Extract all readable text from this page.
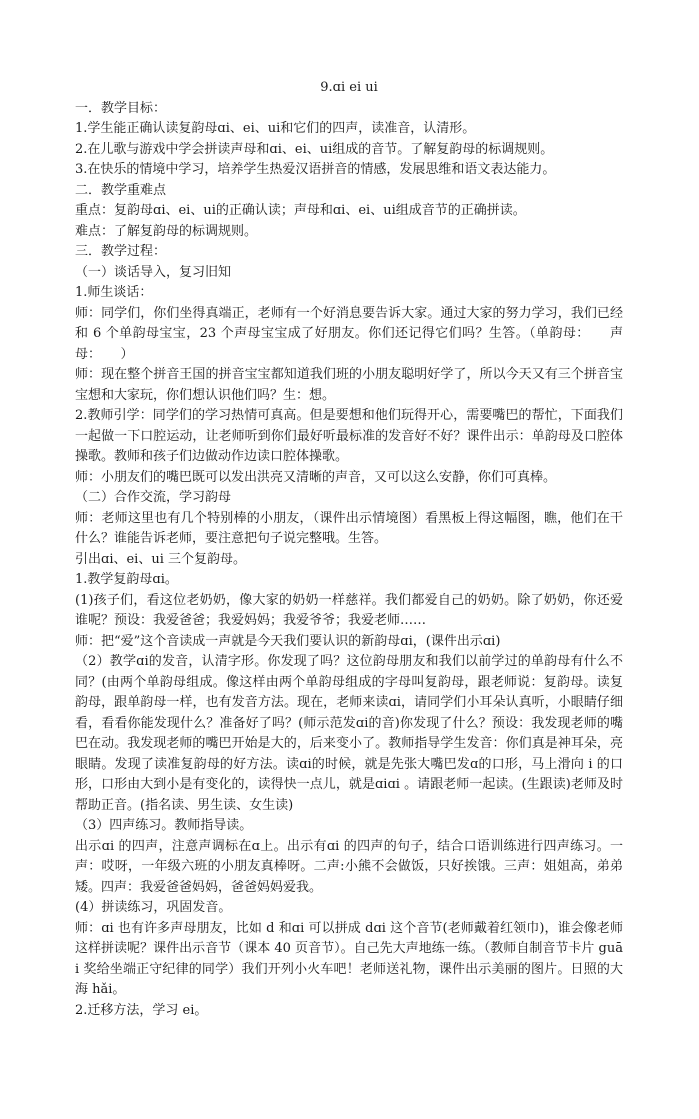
9.ɑi ei ui

一．教学目标：

1.学生能正确认读复韵母ɑi、ei、ui和它们的四声，读准音，认清形。

2.在儿歌与游戏中学会拼读声母和ɑi、ei、ui组成的音节。了解复韵母的标调规则。

3.在快乐的情境中学习，培养学生热爱汉语拼音的情感，发展思维和语文表达能力。

二．教学重难点

重点：复韵母ɑi、ei、ui的正确认读；声母和ɑi、ei、ui组成音节的正确拼读。

难点：了解复韵母的标调规则。

三．教学过程：

（一）谈话导入，复习旧知

1.师生谈话：

师：同学们，你们坐得真端正，老师有一个好消息要告诉大家。通过大家的努力学习，我们已经和 6 个单韵母宝宝，23 个声母宝宝成了好朋友。你们还记得它们吗？生答。（单韵母：　　声母：　　）

师：现在整个拼音王国的拼音宝宝都知道我们班的小朋友聪明好学了，所以今天又有三个拼音宝宝想和大家玩，你们想认识他们吗？生：想。

2.教师引学：同学们的学习热情可真高。但是要想和他们玩得开心，需要嘴巴的帮忙，下面我们一起做一下口腔运动，让老师听到你们最好听最标准的发音好不好？课件出示：单韵母及口腔体操歌。教师和孩子们边做动作边读口腔体操歌。

师：小朋友们的嘴巴既可以发出洪亮又清晰的声音，又可以这么安静，你们可真棒。

（二）合作交流，学习韵母

师：老师这里也有几个特别棒的小朋友，（课件出示情境图）看黑板上得这幅图，瞧，他们在干什么？谁能告诉老师，要注意把句子说完整哦。生答。

引出ɑi、ei、ui 三个复韵母。

1.教学复韵母ɑi。

(1)孩子们，看这位老奶奶，像大家的奶奶一样慈祥。我们都爱自己的奶奶。除了奶奶，你还爱谁呢？预设：我爱爸爸；我爱妈妈；我爱爷爷；我爱老师……

师：把“爱”这个音读成一声就是今天我们要认识的新韵母ɑi，(课件出示ɑi)

（2）教学ɑi的发音，认清字形。你发现了吗？这位韵母朋友和我们以前学过的单韵母有什么不同？(由两个单韵母组成。像这样由两个单韵母组成的字母叫复韵母，跟老师说：复韵母。读复韵母，跟单韵母一样，也有发音方法。现在，老师来读ɑi，请同学们小耳朵认真听，小眼睛仔细看，看看你能发现什么？准备好了吗？(师示范发ɑi的音)你发现了什么？预设：我发现老师的嘴巴在动。我发现老师的嘴巴开始是大的，后来变小了。教师指导学生发音：你们真是神耳朵，亮眼睛。发现了读准复韵母的好方法。读ɑi的时候，就是先张大嘴巴发ɑ的口形，马上滑向 i 的口形，口形由大到小是有变化的，读得快一点儿，就是ɑiɑi 。请跟老师一起读。(生跟读)老师及时帮助正音。(指名读、男生读、女生读)

（3）四声练习。教师指导读。

出示ɑi 的四声，注意声调标在ɑ上。出示有ɑi 的四声的句子，结合口语训练进行四声练习。一声：哎呀，一年级六班的小朋友真棒呀。二声:小熊不会做饭，只好挨饿。三声：姐姐高，弟弟矮。四声：我爱爸爸妈妈，爸爸妈妈爱我。

(4）拼读练习，巩固发音。

师：ɑi 也有许多声母朋友，比如 d 和ɑi 可以拼成 dɑi 这个音节(老师戴着红领巾)，谁会像老师这样拼读呢？课件出示音节（课本 40 页音节）。自己先大声地练一练。（教师自制音节卡片 guāi 奖给坐端正守纪律的同学）我们开列小火车吧！老师送礼物，课件出示美丽的图片。日照的大海 hǎi。

2.迁移方法，学习 ei。
